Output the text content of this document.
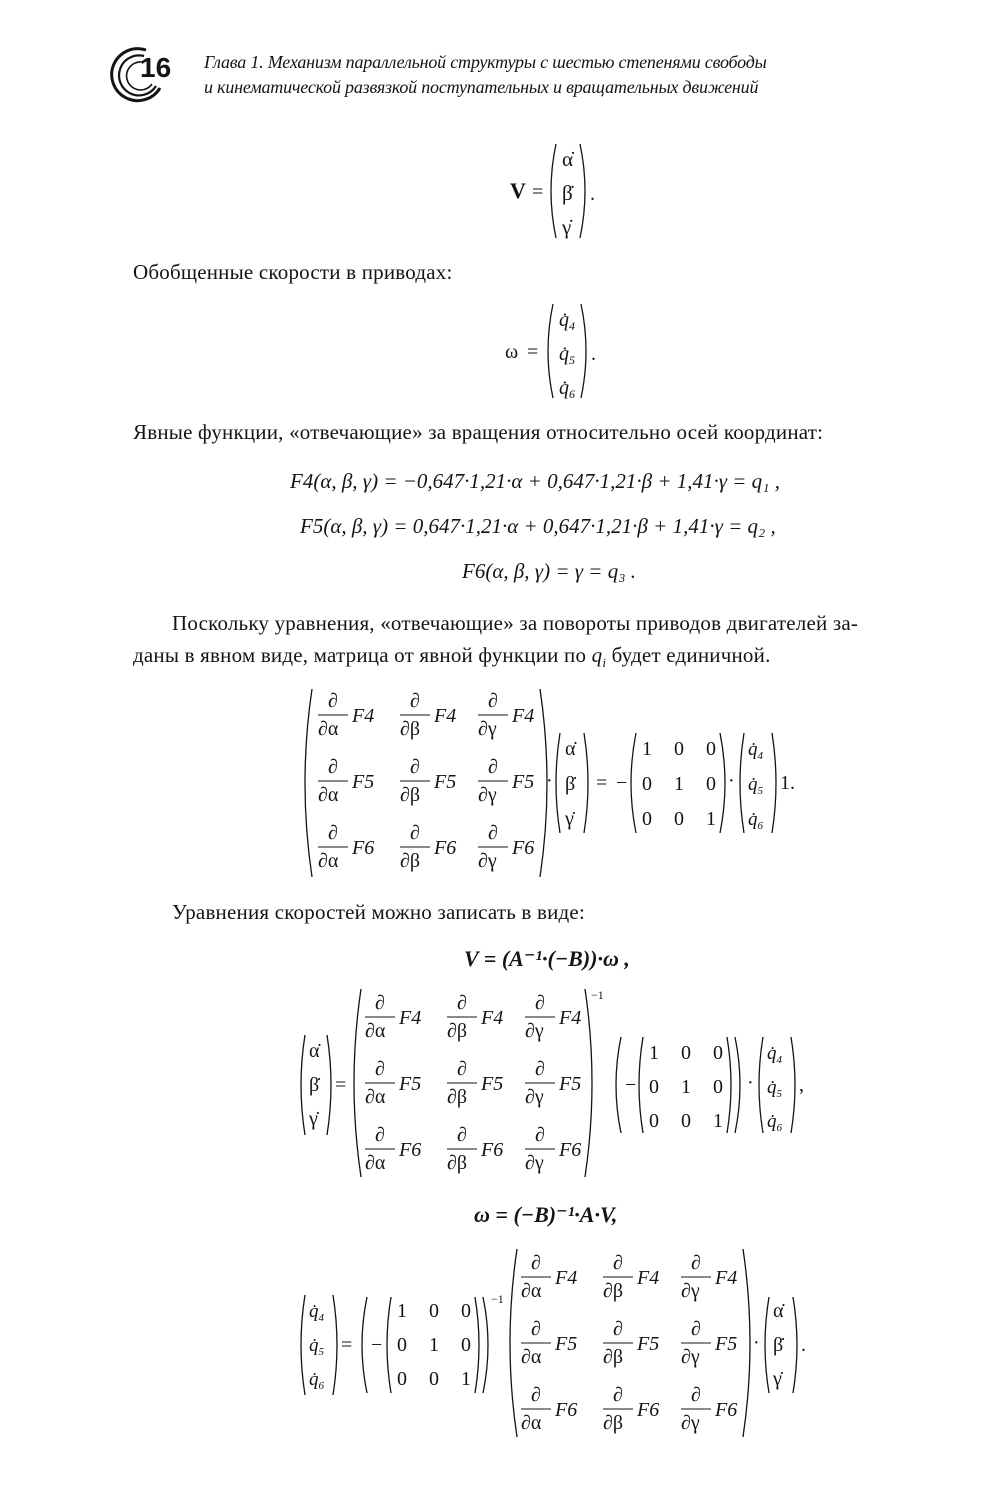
16 Глава 1. Механизм параллельной структуры с шестью степенями свободы
и кинематической развязкой поступательных и вращательных движений
V =
α̇
β̇
γ̇
.
Обобщенные скорости в приводах:
ω =
$q̇_4$
$q̇_5$
$q̇_6$
.
Явные функции, «отвечающие» за вращения относительно осей координат:
F4(α, β, γ) = −0,647·1,21·α + 0,647·1,21·β + 1,41·γ = q₁ ,
F5(α, β, γ) = 0,647·1,21·α + 0,647·1,21·β + 1,41·γ = q₂ ,
F6(α, β, γ) = γ = q₃ .
Поскольку уравнения, «отвечающие» за повороты приводов двигателей за-
даны в явном виде, матрица от явной функции по $q_i$ будет единичной.
∂
∂α
F4
∂
∂β
F4
∂
∂γ
F4
∂
∂α
F5
∂
∂β
F5
∂
∂γ
F5
∂
∂α
F6
∂
∂β
F6
∂
∂γ
F6
·
α̇
β̇
γ̇
= −
1 0 0
0 1 0
0 0 1
·
$q̇_4$
$q̇_5$
$q̇_6$
1.
Уравнения скоростей можно записать в виде:
V = (A⁻¹·(−B))·ω ,
α̇
β̇
γ̇
=
∂
∂α
F4
∂
∂β
F4
∂
∂γ
F4
∂
∂α
F5
∂
∂β
F5
∂
∂γ
F5
∂
∂α
F6
∂
∂β
F6
∂
∂γ
F6
−1
−
1 0 0
0 1 0
0 0 1
·
$q̇_4$
$q̇_5$
$q̇_6$
,
ω = (−B)⁻¹·A·V,
$q̇_4$
$q̇_5$
$q̇_6$
= −
1 0 0
0 1 0
0 0 1
−1
∂
∂α
F4
∂
∂β
F4
∂
∂γ
F4
∂
∂α
F5
∂
∂β
F5
∂
∂γ
F5
∂
∂α
F6
∂
∂β
F6
∂
∂γ
F6
·
α̇
β̇
γ̇
.
